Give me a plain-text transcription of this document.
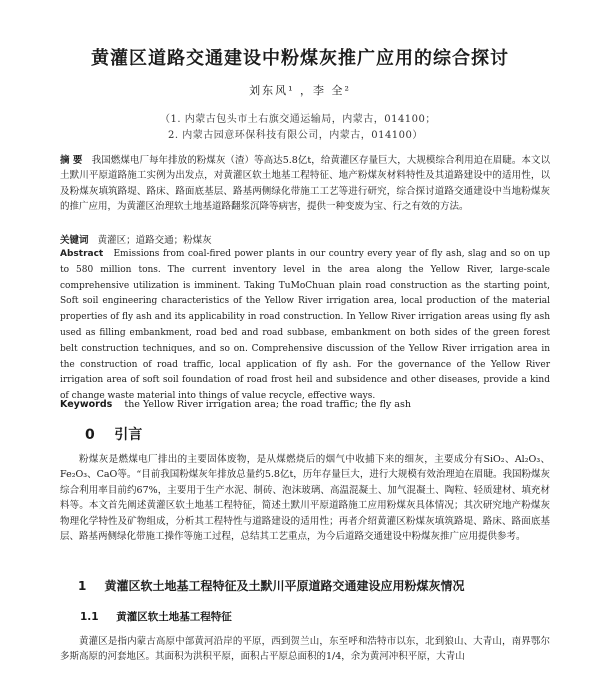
黄灌区道路交通建设中粉煤灰推广应用的综合探讨
刘东风¹ ，李 全²
（1. 内蒙古包头市土右旗交通运输局，内蒙古，014100；
2. 内蒙古园意环保科技有限公司，内蒙古，014100）
摘 要 我国燃煤电厂每年排放的粉煤灰（渣）等高达5.8亿t，给黄灌区存量巨大，大规模综合利用迫在眉睫。本文以土默川平原道路施工实例为出发点，对黄灌区软土地基工程特征、地产粉煤灰材料特性及其道路建设中的适用性，以及粉煤灰填筑路堤、路床、路面底基层、路基两侧绿化带施工工艺等进行研究，综合探讨道路交通建设中当地粉煤灰的推广应用，为黄灌区治理软土地基道路翻浆沉降等病害，提供一种变废为宝、行之有效的方法。
关键词 黄灌区；道路交通；粉煤灰
Abstract Emissions from coal-fired power plants in our country every year of fly ash, slag and so on up to 580 million tons. The current inventory level in the area along the Yellow River, large-scale comprehensive utilization is imminent. Taking TuMoChuan plain road construction as the starting point, Soft soil engineering characteristics of the Yellow River irrigation area, local production of the material properties of fly ash and its applicability in road construction. In Yellow River irrigation areas using fly ash used as filling embankment, road bed and road subbase, embankment on both sides of the green forest belt construction techniques, and so on. Comprehensive discussion of the Yellow River irrigation area in the construction of road traffic, local application of fly ash. For the governance of the Yellow River irrigation area of soft soil foundation of road frost heil and subsidence and other diseases, provide a kind of change waste material into things of value recycle, effective ways.
Keywords the Yellow River irrigation area; the road traffic; the fly ash
0 引言
粉煤灰是燃煤电厂排出的主要固体废物，是从煤燃烧后的烟气中收捕下来的细灰，主要成分有SiO₂、Al₂O₃、Fe₂O₃、CaO等。“目前我国粉煤灰年排放总量约5.8亿t，历年存量巨大，进行大规模有效治理迫在眉睫。我国粉煤灰综合利用率目前约67%，主要用于生产水泥、制砖、泡沫玻璃、高温混凝土、加气混凝土、陶粒、轻质建材、填充材料等。本文首先阐述黄灌区软土地基工程特征，简述土默川平原道路施工应用粉煤灰具体情况；其次研究地产粉煤灰物理化学特性及矿物组成，分析其工程特性与道路建设的适用性；再者介绍黄灌区粉煤灰填筑路堤、路床、路面底基层、路基两侧绿化带施工操作等施工过程，总结其工艺重点，为今后道路交通建设中粉煤灰推广应用提供参考。
1 黄灌区软土地基工程特征及土默川平原道路交通建设应用粉煤灰情况
1.1 黄灌区软土地基工程特征
黄灌区是指内蒙古高原中部黄河沿岸的平原，西到贺兰山，东至呼和浩特市以东，北到狼山、大青山，南界鄂尔多斯高原的河套地区。其面积为洪积平原，面积占平原总面积的1/4，余为黄河冲积平原，大青山
